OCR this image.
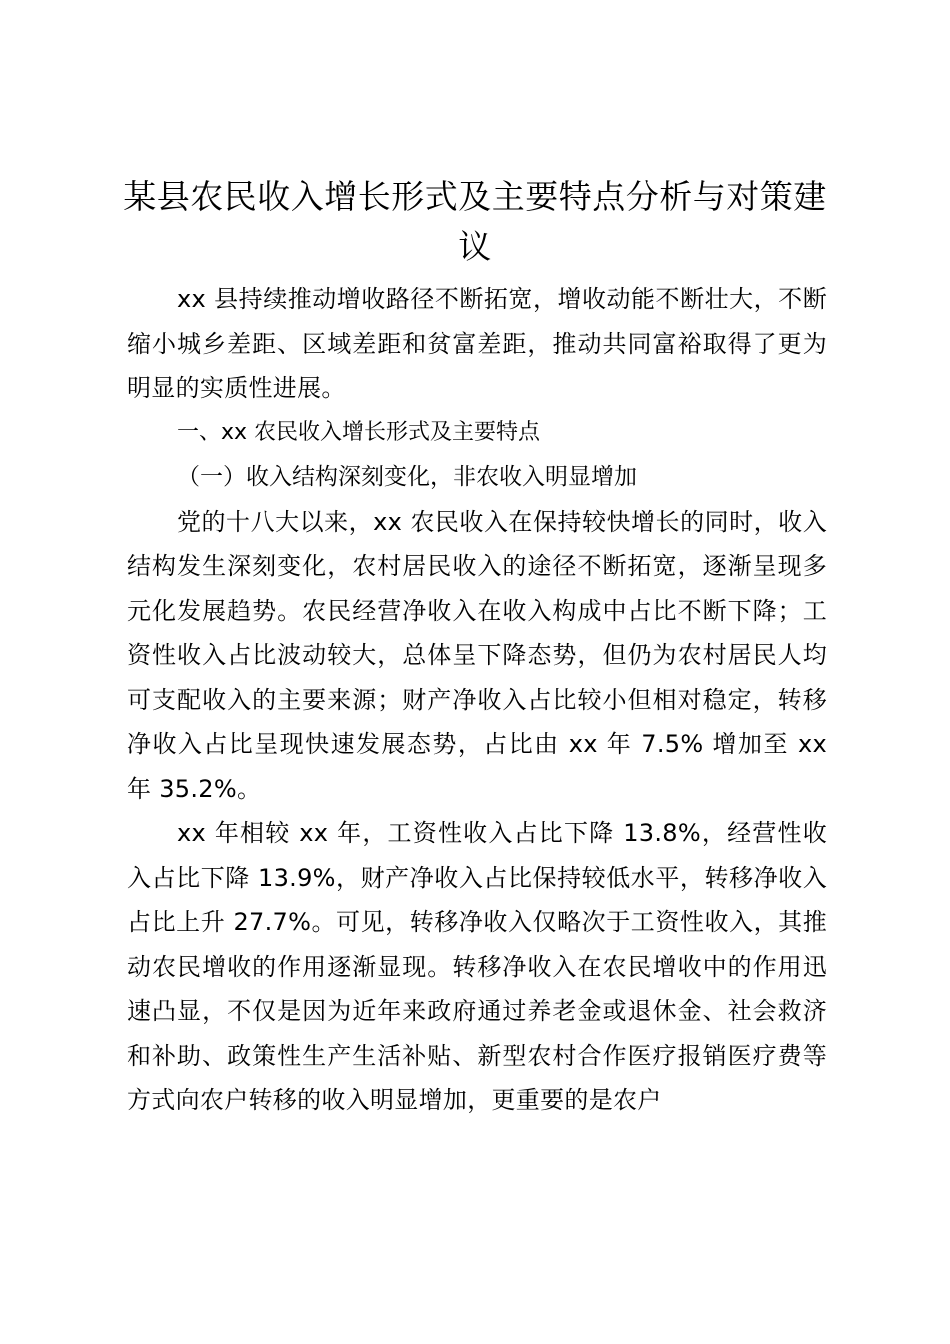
某县农民收入增长形式及主要特点分析与对策建议

xx 县持续推动增收路径不断拓宽，增收动能不断壮大，不断缩小城乡差距、区域差距和贫富差距，推动共同富裕取得了更为明显的实质性进展。

一、xx 农民收入增长形式及主要特点

（一）收入结构深刻变化，非农收入明显增加

党的十八大以来，xx 农民收入在保持较快增长的同时，收入结构发生深刻变化，农村居民收入的途径不断拓宽，逐渐呈现多元化发展趋势。农民经营净收入在收入构成中占比不断下降；工资性收入占比波动较大，总体呈下降态势，但仍为农村居民人均可支配收入的主要来源；财产净收入占比较小但相对稳定，转移净收入占比呈现快速发展态势，占比由 xx 年 7.5% 增加至 xx 年 35.2%。

xx 年相较 xx 年，工资性收入占比下降 13.8%，经营性收入占比下降 13.9%，财产净收入占比保持较低水平，转移净收入占比上升 27.7%。可见，转移净收入仅略次于工资性收入，其推动农民增收的作用逐渐显现。转移净收入在农民增收中的作用迅速凸显，不仅是因为近年来政府通过养老金或退休金、社会救济和补助、政策性生产生活补贴、新型农村合作医疗报销医疗费等方式向农户转移的收入明显增加，更重要的是农户
